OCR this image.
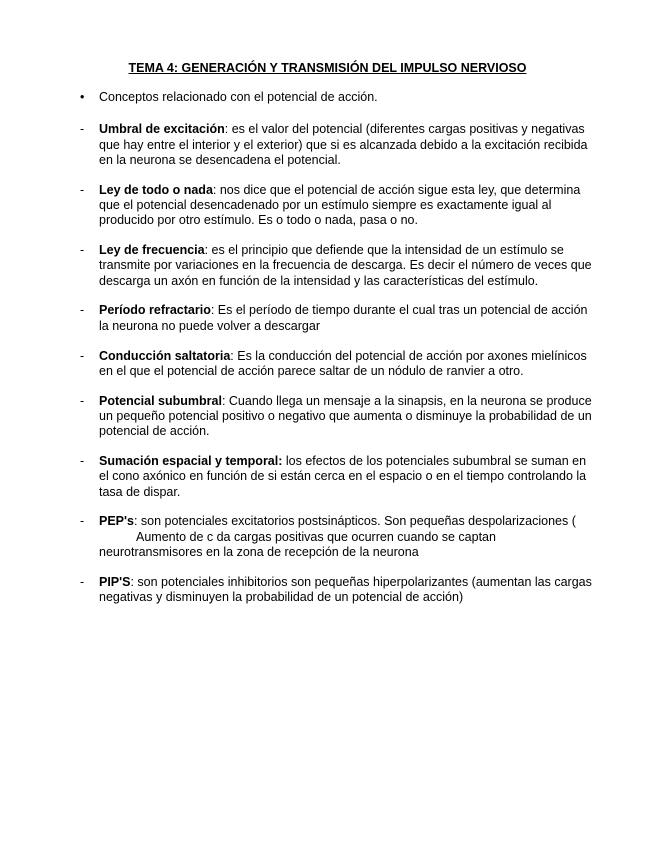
TEMA 4: GENERACIÓN Y TRANSMISIÓN DEL IMPULSO NERVIOSO
• Conceptos relacionado con el potencial de acción.
- Umbral de excitación: es el valor del potencial (diferentes cargas positivas y negativas que hay entre el interior y el exterior) que si es alcanzada debido a la excitación recibida en la neurona se desencadena el potencial.
- Ley de todo o nada: nos dice que el potencial de acción sigue esta ley, que determina que el potencial desencadenado por un estímulo siempre es exactamente igual al producido por otro estímulo. Es o todo o nada, pasa o no.
- Ley de frecuencia: es el principio que defiende que la intensidad de un estímulo se transmite por variaciones en la frecuencia de descarga. Es decir el número de veces que descarga un axón en función de la intensidad y las características del estímulo.
- Período refractario: Es el período de tiempo durante el cual tras un potencial de acción la neurona no puede volver a descargar
- Conducción saltatoria: Es la conducción del potencial de acción por axones mielínicos en el que el potencial de acción parece saltar de un nódulo de ranvier a otro.
- Potencial subumbral: Cuando llega un mensaje a la sinapsis, en la neurona se produce un pequeño potencial positivo o negativo que aumenta o disminuye la probabilidad de un potencial de acción.
- Sumación espacial y temporal: los efectos de los potenciales subumbral se suman en el cono axónico en función de si están cerca en el espacio o en el tiempo controlando la tasa de dispar.
- PEP's: son potenciales excitatorios postsinápticos. Son pequeñas despolarizaciones (
Aumento de c da cargas positivas que ocurren cuando se captan
neurotransmisores en la zona de recepción de la neurona
- PIP'S: son potenciales inhibitorios son pequeñas hiperpolarizantes (aumentan las cargas negativas y disminuyen la probabilidad de un potencial de acción)
